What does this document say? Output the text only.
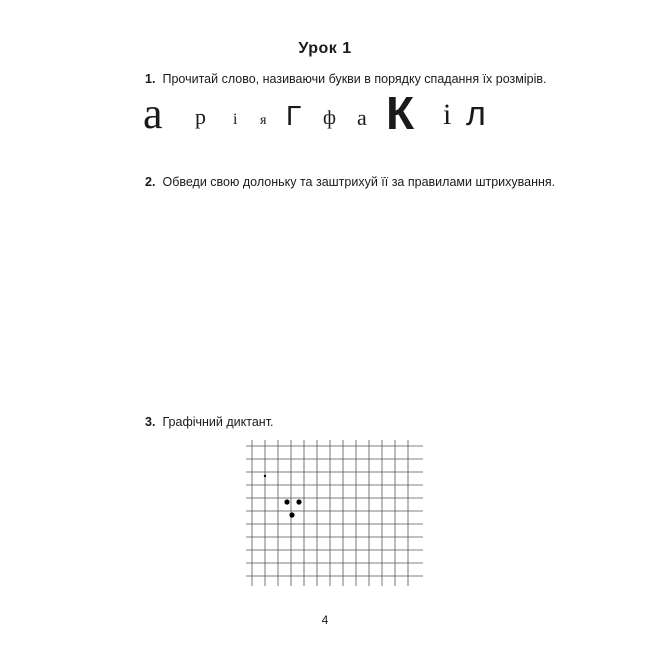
Урок 1
1. Прочитай слово, називаючи букви в порядку спадання їх розмірів.
а р і я Г ф а К і л
2. Обведи свою долоньку та заштрихуй її за правилами штрихування.
3. Графічний диктант.
4
